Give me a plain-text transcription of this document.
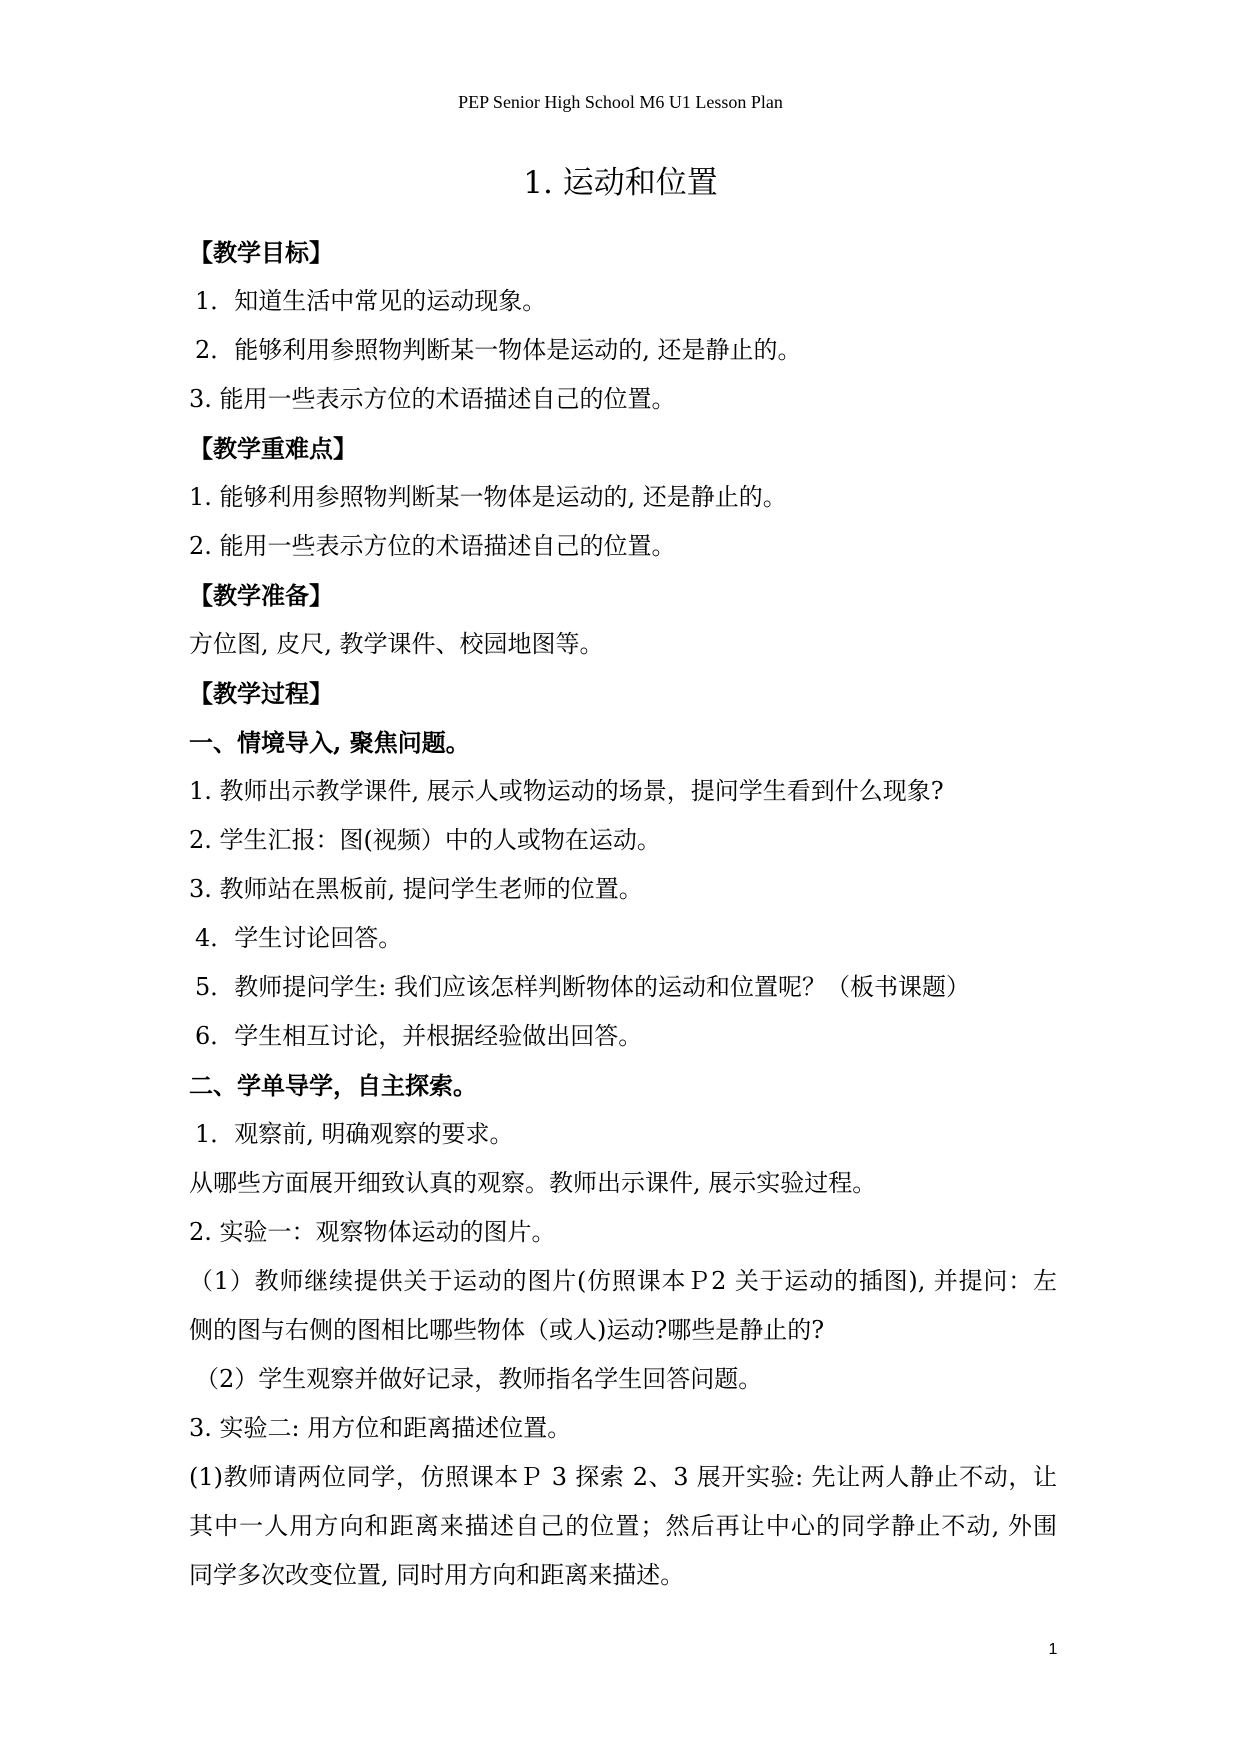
PEP Senior High School M6 U1 Lesson Plan
1. 运动和位置
【教学目标】
1．知道生活中常见的运动现象。
2．能够利用参照物判断某一物体是运动的, 还是静止的。
3. 能用一些表示方位的术语描述自己的位置。
【教学重难点】
1. 能够利用参照物判断某一物体是运动的, 还是静止的。
2. 能用一些表示方位的术语描述自己的位置。
【教学准备】
方位图, 皮尺, 教学课件、校园地图等。
【教学过程】
一、情境导入, 聚焦问题。
1. 教师出示教学课件, 展示人或物运动的场景，提问学生看到什么现象?
2. 学生汇报：图(视频）中的人或物在运动。
3. 教师站在黑板前, 提问学生老师的位置。
4．学生讨论回答。
5．教师提问学生: 我们应该怎样判断物体的运动和位置呢？（板书课题）
6．学生相互讨论，并根据经验做出回答。
二、学单导学，自主探索。
1．观察前, 明确观察的要求。
从哪些方面展开细致认真的观察。教师出示课件, 展示实验过程。
2. 实验一：观察物体运动的图片。
（1）教师继续提供关于运动的图片(仿照课本Ｐ2 关于运动的插图), 并提问：左
侧的图与右侧的图相比哪些物体（或人)运动?哪些是静止的?
（2）学生观察并做好记录，教师指名学生回答问题。
3. 实验二: 用方位和距离描述位置。
(1)教师请两位同学，仿照课本Ｐ 3 探索 2、3 展开实验: 先让两人静止不动，让
其中一人用方向和距离来描述自己的位置；然后再让中心的同学静止不动, 外围
同学多次改变位置, 同时用方向和距离来描述。
1
